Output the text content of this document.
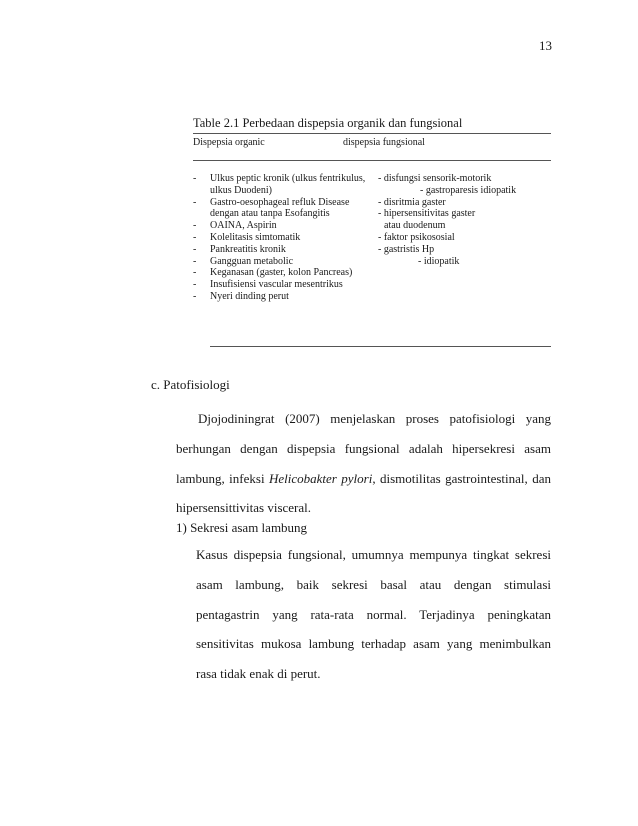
13
Table 2.1 Perbedaan dispepsia organik dan fungsional
Dispepsia organic	dispepsia fungsional
- Ulkus peptic kronik (ulkus fentrikulus, ulkus Duodeni)
- Gastro-oesophageal refluk Disease dengan atau tanpa Esofangitis
- OAINA, Aspirin
- Kolelitasis simtomatik
- Pankreatitis kronik
- Gangguan metabolic
- Keganasan (gaster, kolon Pancreas)
- Insufisiensi vascular mesentrikus
- Nyeri dinding perut
- disfungsi sensorik-motorik
- gastroparesis idiopatik
- disritmia gaster
- hipersensitivitas gaster
atau duodenum
- faktor psikososial
- gastristis Hp
- idiopatik
c. Patofisiologi
Djojodiningrat (2007) menjelaskan proses patofisiologi yang berhungan dengan dispepsia fungsional adalah hipersekresi asam lambung, infeksi Helicobakter pylori, dismotilitas gastrointestinal, dan hipersensittivitas visceral.
1) Sekresi asam lambung
Kasus dispepsia fungsional, umumnya mempunya tingkat sekresi asam lambung, baik sekresi basal atau dengan stimulasi pentagastrin yang rata-rata normal. Terjadinya peningkatan sensitivitas mukosa lambung terhadap asam yang menimbulkan rasa tidak enak di perut.
